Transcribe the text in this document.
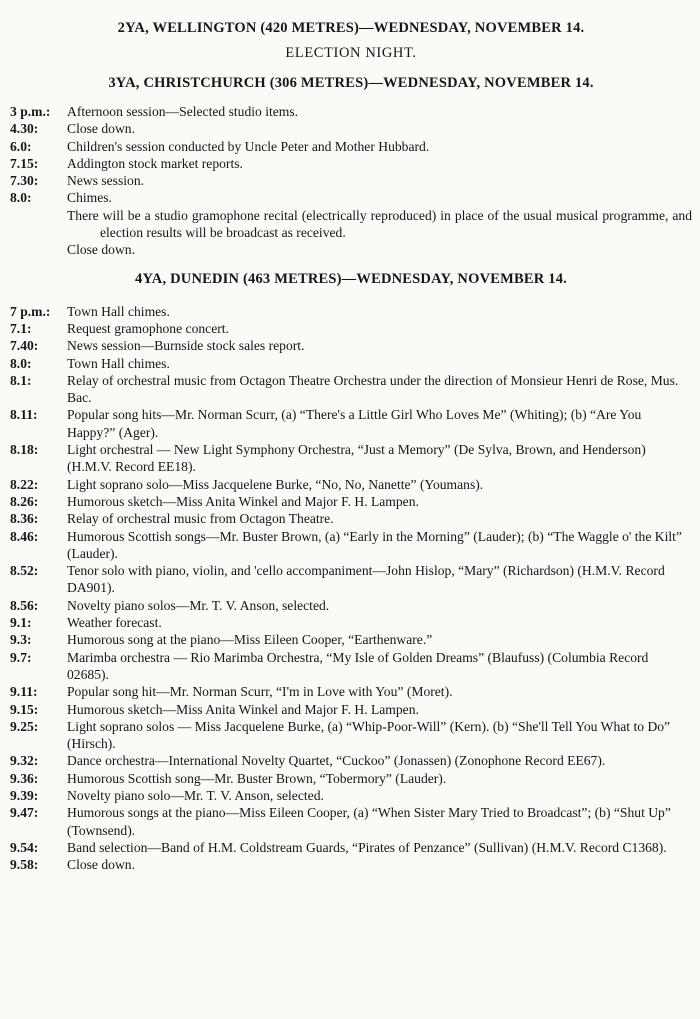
2YA, WELLINGTON (420 METRES)—WEDNESDAY, NOVEMBER 14.
ELECTION NIGHT.
3YA, CHRISTCHURCH (306 METRES)—WEDNESDAY, NOVEMBER 14.
3 p.m.:	Afternoon session—Selected studio items.
4.30:	Close down.
6.0:	Children's session conducted by Uncle Peter and Mother Hubbard.
7.15:	Addington stock market reports.
7.30:	News session.
8.0:	Chimes.
There will be a studio gramophone recital (electrically reproduced) in place of the usual musical programme, and election results will be broadcast as received.
Close down.
4YA, DUNEDIN (463 METRES)—WEDNESDAY, NOVEMBER 14.
7 p.m.:	Town Hall chimes.
7.1:	Request gramophone concert.
7.40:	News session—Burnside stock sales report.
8.0:	Town Hall chimes.
8.1:	Relay of orchestral music from Octagon Theatre Orchestra under the direction of Monsieur Henri de Rose, Mus. Bac.
8.11:	Popular song hits—Mr. Norman Scurr, (a) “There's a Little Girl Who Loves Me” (Whiting); (b) “Are You Happy?” (Ager).
8.18:	Light orchestral — New Light Symphony Orchestra, “Just a Memory” (De Sylva, Brown, and Henderson) (H.M.V. Record EE18).
8.22:	Light soprano solo—Miss Jacquelene Burke, “No, No, Nanette” (Youmans).
8.26:	Humorous sketch—Miss Anita Winkel and Major F. H. Lampen.
8.36:	Relay of orchestral music from Octagon Theatre.
8.46:	Humorous Scottish songs—Mr. Buster Brown, (a) “Early in the Morning” (Lauder); (b) “The Waggle o' the Kilt” (Lauder).
8.52:	Tenor solo with piano, violin, and 'cello accompaniment—John Hislop, “Mary” (Richardson) (H.M.V. Record DA901).
8.56:	Novelty piano solos—Mr. T. V. Anson, selected.
9.1:	Weather forecast.
9.3:	Humorous song at the piano—Miss Eileen Cooper, “Earthenware.”
9.7:	Marimba orchestra — Rio Marimba Orchestra, “My Isle of Golden Dreams” (Blaufuss) (Columbia Record 02685).
9.11:	Popular song hit—Mr. Norman Scurr, “I'm in Love with You” (Moret).
9.15:	Humorous sketch—Miss Anita Winkel and Major F. H. Lampen.
9.25:	Light soprano solos — Miss Jacquelene Burke, (a) “Whip-Poor-Will” (Kern). (b) “She'll Tell You What to Do” (Hirsch).
9.32:	Dance orchestra—International Novelty Quartet, “Cuckoo” (Jonassen) (Zonophone Record EE67).
9.36:	Humorous Scottish song—Mr. Buster Brown, “Tobermory” (Lauder).
9.39:	Novelty piano solo—Mr. T. V. Anson, selected.
9.47:	Humorous songs at the piano—Miss Eileen Cooper, (a) “When Sister Mary Tried to Broadcast”; (b) “Shut Up” (Townsend).
9.54:	Band selection—Band of H.M. Coldstream Guards, “Pirates of Penzance” (Sullivan) (H.M.V. Record C1368).
9.58:	Close down.
